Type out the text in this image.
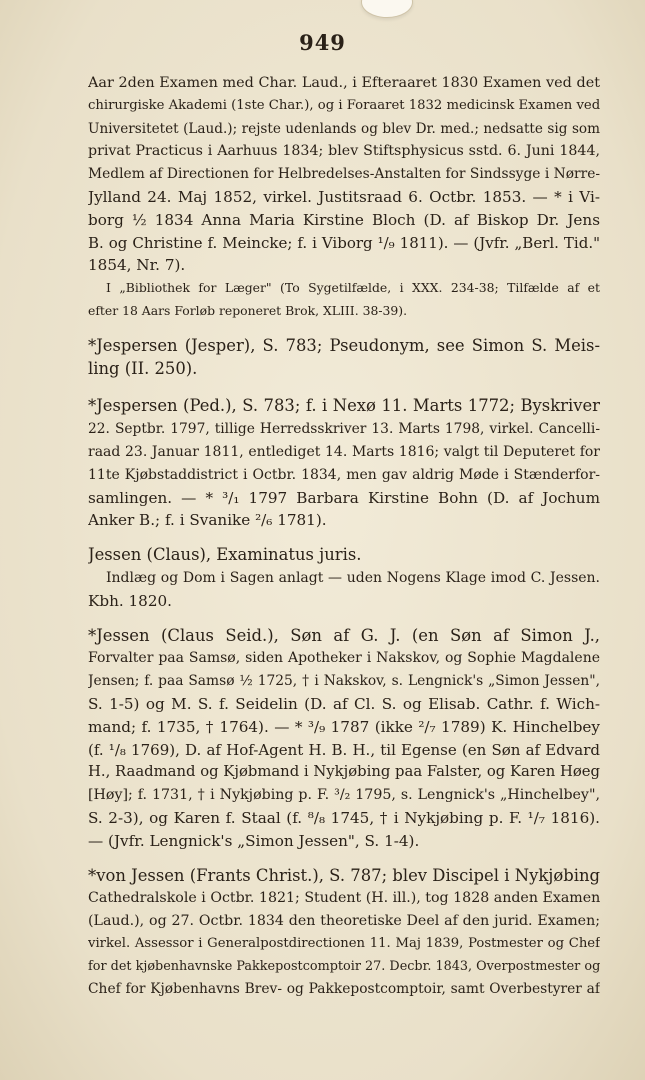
949
Aar 2den Examen med Char. Laud., i Efteraaret 1830 Examen ved det
chirurgiske Akademi (1ste Char.), og i Foraaret 1832 medicinsk Examen ved
Universitetet (Laud.); rejste udenlands og blev Dr. med.; nedsatte sig som
privat Practicus i Aarhuus 1834; blev Stiftsphysicus sstd. 6. Juni 1844,
Medlem af Directionen for Helbredelses-Anstalten for Sindssyge i Nørre-
Jylland 24. Maj 1852, virkel. Justitsraad 6. Octbr. 1853. — * i Vi-
borg ½ 1834 Anna Maria Kirstine Bloch (D. af Biskop Dr. Jens
B. og Christine f. Meincke; f. i Viborg ¹/₉ 1811). — (Jvfr. „Berl. Tid."
1854, Nr. 7).
I „Bibliothek for Læger" (To Sygetilfælde, i XXX. 234-38; Tilfælde af et
efter 18 Aars Forløb reponeret Brok, XLIII. 38-39).
*Jespersen (Jesper), S. 783; Pseudonym, see Simon S. Meis-
ling (II. 250).
*Jespersen (Ped.), S. 783; f. i Nexø 11. Marts 1772; Byskriver
22. Septbr. 1797, tillige Herredsskriver 13. Marts 1798, virkel. Cancelli-
raad 23. Januar 1811, entlediget 14. Marts 1816; valgt til Deputeret for
11te Kjøbstaddistrict i Octbr. 1834, men gav aldrig Møde i Stænderfor-
samlingen. — * ³/₁ 1797 Barbara Kirstine Bohn (D. af Jochum
Anker B.; f. i Svanike ²/₆ 1781).
Jessen (Claus), Examinatus juris.
Indlæg og Dom i Sagen anlagt — uden Nogens Klage imod C. Jessen.
Kbh. 1820.
*Jessen (Claus Seid.), Søn af G. J. (en Søn af Simon J.,
Forvalter paa Samsø, siden Apotheker i Nakskov, og Sophie Magdalene
Jensen; f. paa Samsø ½ 1725, † i Nakskov, s. Lengnick's „Simon Jessen",
S. 1-5) og M. S. f. Seidelin (D. af Cl. S. og Elisab. Cathr. f. Wich-
mand; f. 1735, † 1764). — * ³/₉ 1787 (ikke ²/₇ 1789) K. Hinchelbey
(f. ¹/₈ 1769), D. af Hof-Agent H. B. H., til Egense (en Søn af Edvard
H., Raadmand og Kjøbmand i Nykjøbing paa Falster, og Karen Høeg
[Høy]; f. 1731, † i Nykjøbing p. F. ³/₂ 1795, s. Lengnick's „Hinchelbey",
S. 2-3), og Karen f. Staal (f. ⁸/₈ 1745, † i Nykjøbing p. F. ¹/₇ 1816).
— (Jvfr. Lengnick's „Simon Jessen", S. 1-4).
*von Jessen (Frants Christ.), S. 787; blev Discipel i Nykjøbing
Cathedralskole i Octbr. 1821; Student (H. ill.), tog 1828 anden Examen
(Laud.), og 27. Octbr. 1834 den theoretiske Deel af den jurid. Examen;
virkel. Assessor i Generalpostdirectionen 11. Maj 1839, Postmester og Chef
for det kjøbenhavnske Pakkepostcomptoir 27. Decbr. 1843, Overpostmester og
Chef for Kjøbenhavns Brev- og Pakkepostcomptoir, samt Overbestyrer af
